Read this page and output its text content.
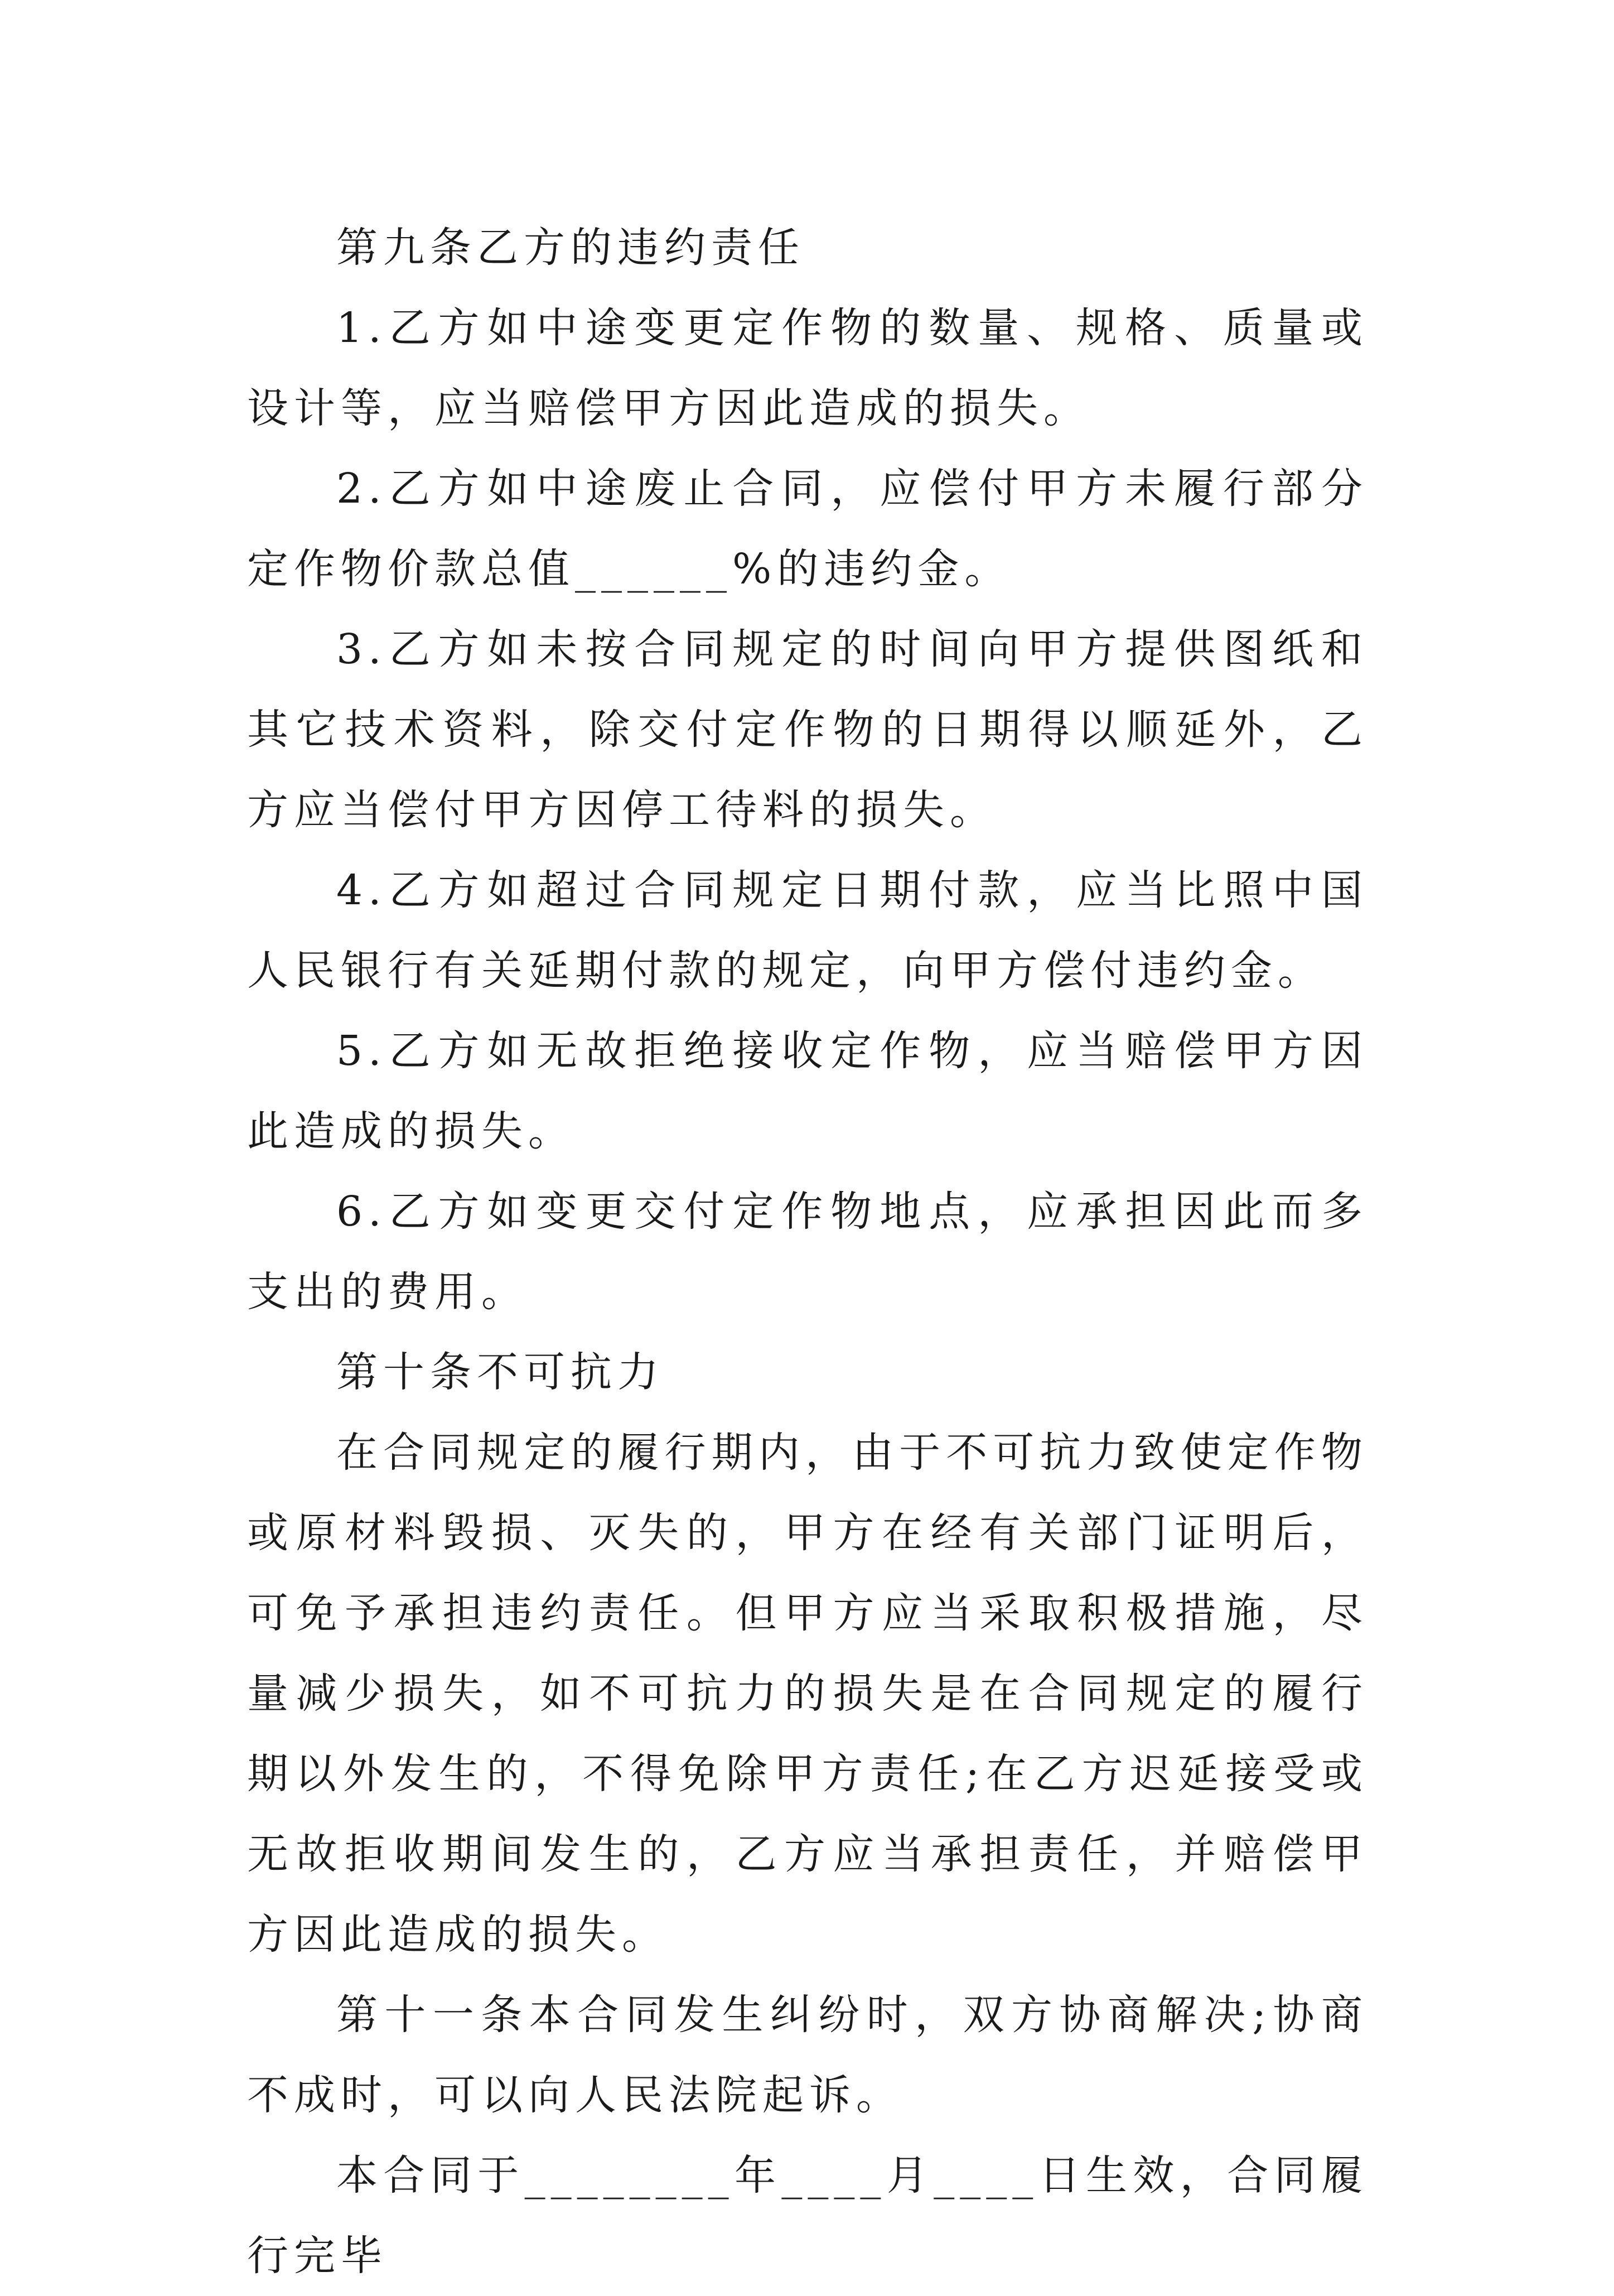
第九条乙方的违约责任

1.乙方如中途变更定作物的数量、规格、质量或设计等，应当赔偿甲方因此造成的损失。

2.乙方如中途废止合同，应偿付甲方未履行部分定作物价款总值______%的违约金。

3.乙方如未按合同规定的时间向甲方提供图纸和其它技术资料，除交付定作物的日期得以顺延外，乙方应当偿付甲方因停工待料的损失。

4.乙方如超过合同规定日期付款，应当比照中国人民银行有关延期付款的规定，向甲方偿付违约金。

5.乙方如无故拒绝接收定作物，应当赔偿甲方因此造成的损失。

6.乙方如变更交付定作物地点，应承担因此而多支出的费用。

第十条不可抗力

在合同规定的履行期内，由于不可抗力致使定作物或原材料毁损、灭失的，甲方在经有关部门证明后，可免予承担违约责任。但甲方应当采取积极措施，尽量减少损失，如不可抗力的损失是在合同规定的履行期以外发生的，不得免除甲方责任;在乙方迟延接受或无故拒收期间发生的，乙方应当承担责任，并赔偿甲方因此造成的损失。

第十一条本合同发生纠纷时，双方协商解决;协商不成时，可以向人民法院起诉。

本合同于________年____月____日生效，合同履行完毕
